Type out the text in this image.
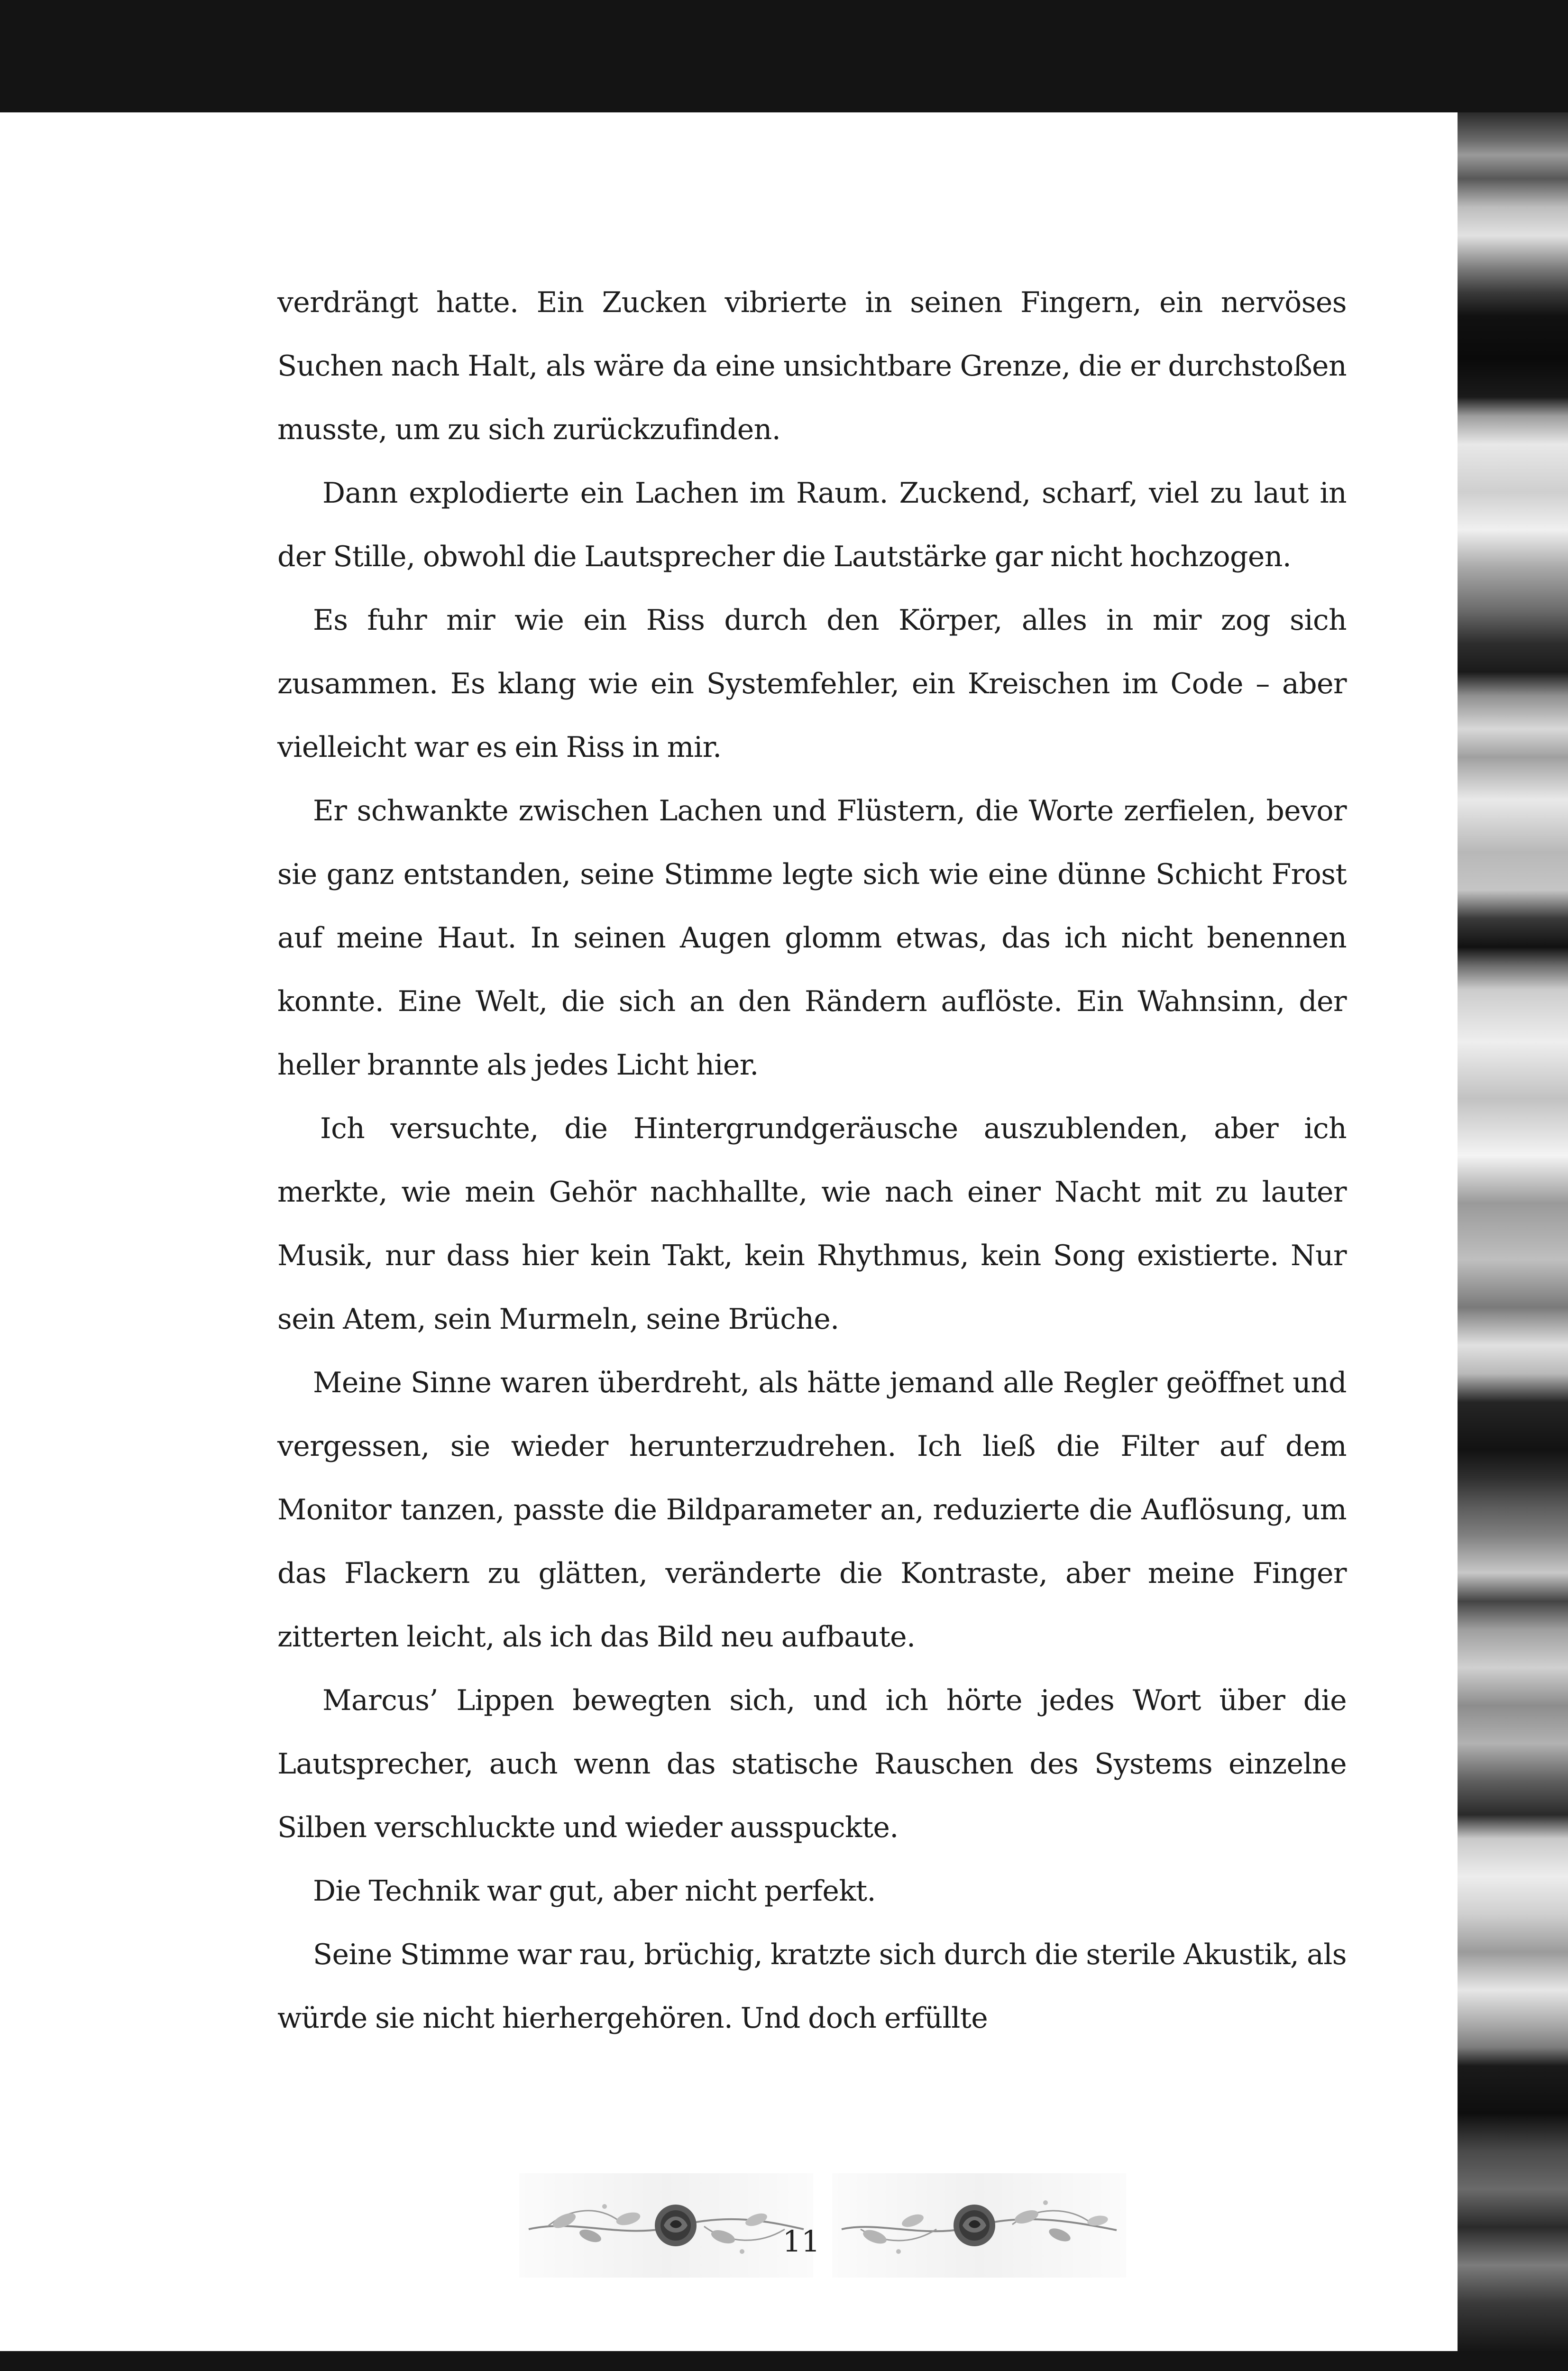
verdrängt hatte. Ein Zucken vibrierte in seinen Fingern, ein nervöses Suchen nach Halt, als wäre da eine unsichtbare Grenze, die er durchstoßen musste, um zu sich zurückzufinden.

Dann explodierte ein Lachen im Raum. Zuckend, scharf, viel zu laut in der Stille, obwohl die Lautsprecher die Lautstärke gar nicht hochzogen.

Es fuhr mir wie ein Riss durch den Körper, alles in mir zog sich zusammen. Es klang wie ein Systemfehler, ein Kreischen im Code – aber vielleicht war es ein Riss in mir.

Er schwankte zwischen Lachen und Flüstern, die Worte zerfielen, bevor sie ganz entstanden, seine Stimme legte sich wie eine dünne Schicht Frost auf meine Haut. In seinen Augen glomm etwas, das ich nicht benennen konnte. Eine Welt, die sich an den Rändern auflöste. Ein Wahnsinn, der heller brannte als jedes Licht hier.

Ich versuchte, die Hintergrundgeräusche auszublenden, aber ich merkte, wie mein Gehör nachhallte, wie nach einer Nacht mit zu lauter Musik, nur dass hier kein Takt, kein Rhythmus, kein Song existierte. Nur sein Atem, sein Murmeln, seine Brüche.

Meine Sinne waren überdreht, als hätte jemand alle Regler geöffnet und vergessen, sie wieder herunterzudrehen. Ich ließ die Filter auf dem Monitor tanzen, passte die Bildparameter an, reduzierte die Auflösung, um das Flackern zu glätten, veränderte die Kontraste, aber meine Finger zitterten leicht, als ich das Bild neu aufbaute.

Marcus’ Lippen bewegten sich, und ich hörte jedes Wort über die Lautsprecher, auch wenn das statische Rauschen des Systems einzelne Silben verschluckte und wieder ausspuckte.

Die Technik war gut, aber nicht perfekt.

Seine Stimme war rau, brüchig, kratzte sich durch die sterile Akustik, als würde sie nicht hierhergehören. Und doch erfüllte

11
